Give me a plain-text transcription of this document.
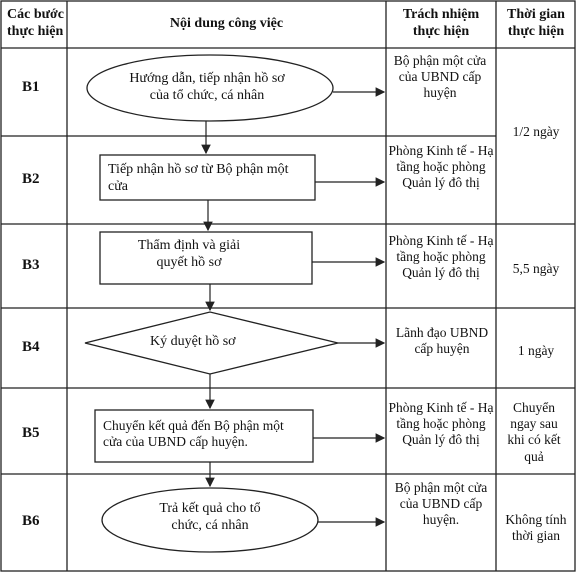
Các bước thực hiện
Nội dung công việc
Trách nhiệm thực hiện
Thời gian thực hiện
B1
B2
B3
B4
B5
B6
Hướng dẫn, tiếp nhận hồ sơ của tổ chức, cá nhân
Tiếp nhận hồ sơ từ Bộ phận một cửa
Thẩm định và giải quyết hồ sơ
Ký duyệt hồ sơ
Chuyển kết quả đến Bộ phận một cửa của UBND cấp huyện.
Trả kết quả cho tổ chức, cá nhân
Bộ phận một cửa của UBND cấp huyện
Phòng Kinh tế - Hạ tầng hoặc phòng Quản lý đô thị
Phòng Kinh tế - Hạ tầng hoặc phòng Quản lý đô thị
Lãnh đạo UBND cấp huyện
Phòng Kinh tế - Hạ tầng hoặc phòng Quản lý đô thị
Bộ phận một cửa của UBND cấp huyện.
1/2 ngày
5,5 ngày
1 ngày
Chuyển ngay sau khi có kết quả
Không tính thời gian
